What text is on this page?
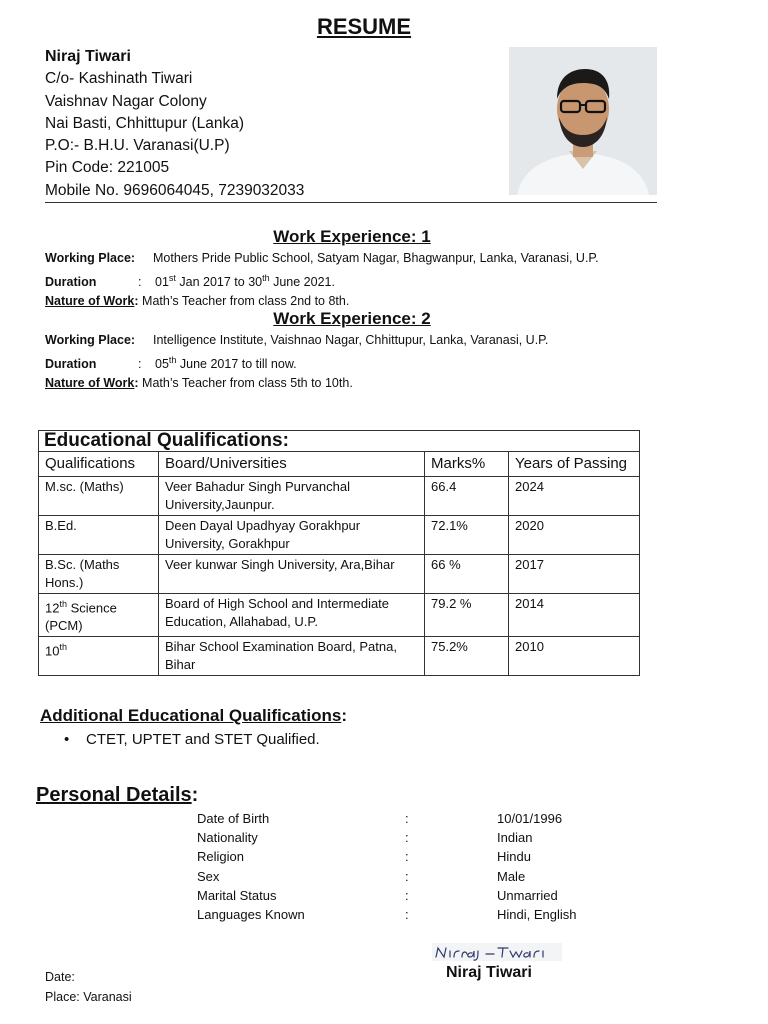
RESUME
Niraj Tiwari
C/o- Kashinath Tiwari
Vaishnav Nagar Colony
Nai Basti, Chhittupur (Lanka)
P.O:- B.H.U. Varanasi(U.P)
Pin Code: 221005
Mobile No. 9696064045, 7239032033
Work Experience: 1
Working Place: Mothers Pride Public School, Satyam Nagar, Bhagwanpur, Lanka, Varanasi, U.P.
Duration	: 01st Jan 2017 to 30th June 2021.
Nature of Work: Math’s Teacher from class 2nd to 8th.
Work Experience: 2
Working Place: Intelligence Institute, Vaishnao Nagar, Chhittupur, Lanka, Varanasi, U.P.
Duration	: 05th June 2017 to till now.
Nature of Work: Math’s Teacher from class 5th to 10th.
Educational Qualifications:			
Qualifications	Board/Universities	Marks%	Years of Passing
M.sc. (Maths)	Veer Bahadur Singh Purvanchal University,Jaunpur.	66.4	2024
B.Ed.	Deen Dayal Upadhyay Gorakhpur University, Gorakhpur	72.1%	2020
B.Sc. (Maths Hons.)	Veer kunwar Singh University, Ara,Bihar	66 %	2017
12th Science (PCM)	Board of High School and Intermediate Education, Allahabad, U.P.	79.2 %	2014
10th	Bihar School Examination Board, Patna, Bihar	75.2%	2010
Additional Educational Qualifications:
• CTET, UPTET and STET Qualified.
Personal Details:
Date of Birth	:	10/01/1996
Nationality	:	Indian
Religion	:	Hindu
Sex	:	Male
Marital Status	:	Unmarried
Languages Known	:	Hindi, English
Niraj Tiwari
Date:
Place: Varanasi
